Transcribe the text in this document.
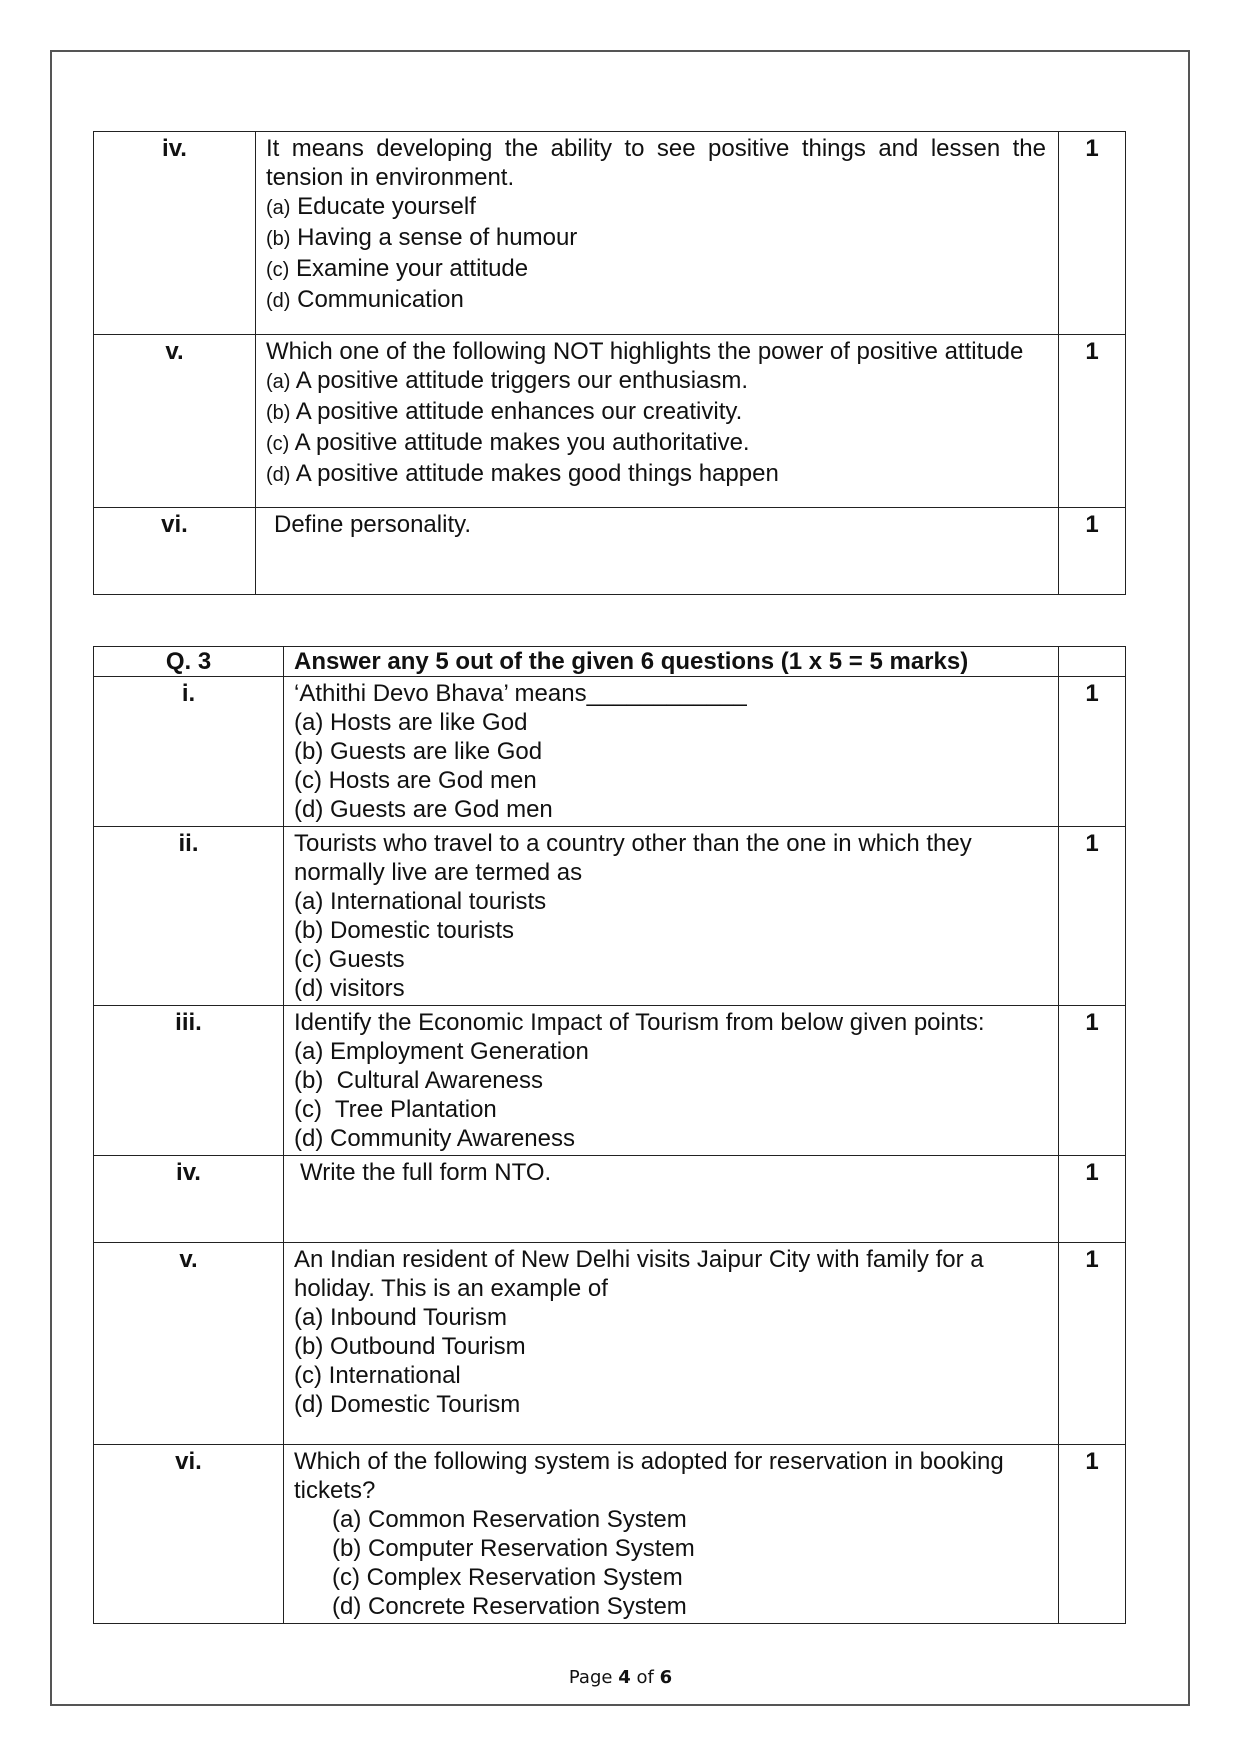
iv.	It means developing the ability to see positive things and lessen the tension in environment.
(a) Educate yourself
(b) Having a sense of humour
(c) Examine your attitude
(d) Communication	1
v.	Which one of the following NOT highlights the power of positive attitude
(a) A positive attitude triggers our enthusiasm.
(b) A positive attitude enhances our creativity.
(c) A positive attitude makes you authoritative.
(d) A positive attitude makes good things happen	1
vi.	Define personality.	1
Q. 3	Answer any 5 out of the given 6 questions (1 x 5 = 5 marks)	
i.	‘Athithi Devo Bhava’ means____________
(a) Hosts are like God
(b) Guests are like God
(c) Hosts are God men
(d) Guests are God men	1
ii.	Tourists who travel to a country other than the one in which they normally live are termed as
(a) International tourists
(b) Domestic tourists
(c) Guests
(d) visitors	1
iii.	Identify the Economic Impact of Tourism from below given points:
(a) Employment Generation
(b)  Cultural Awareness
(c)  Tree Plantation
(d) Community Awareness	1
iv.	Write the full form NTO.	1
v.	An Indian resident of New Delhi visits Jaipur City with family for a holiday. This is an example of
(a) Inbound Tourism
(b) Outbound Tourism
(c) International
(d) Domestic Tourism	1
vi.	Which of the following system is adopted for reservation in booking tickets?
(a) Common Reservation System
(b) Computer Reservation System
(c) Complex Reservation System
(d) Concrete Reservation System	1
Page 4 of 6
